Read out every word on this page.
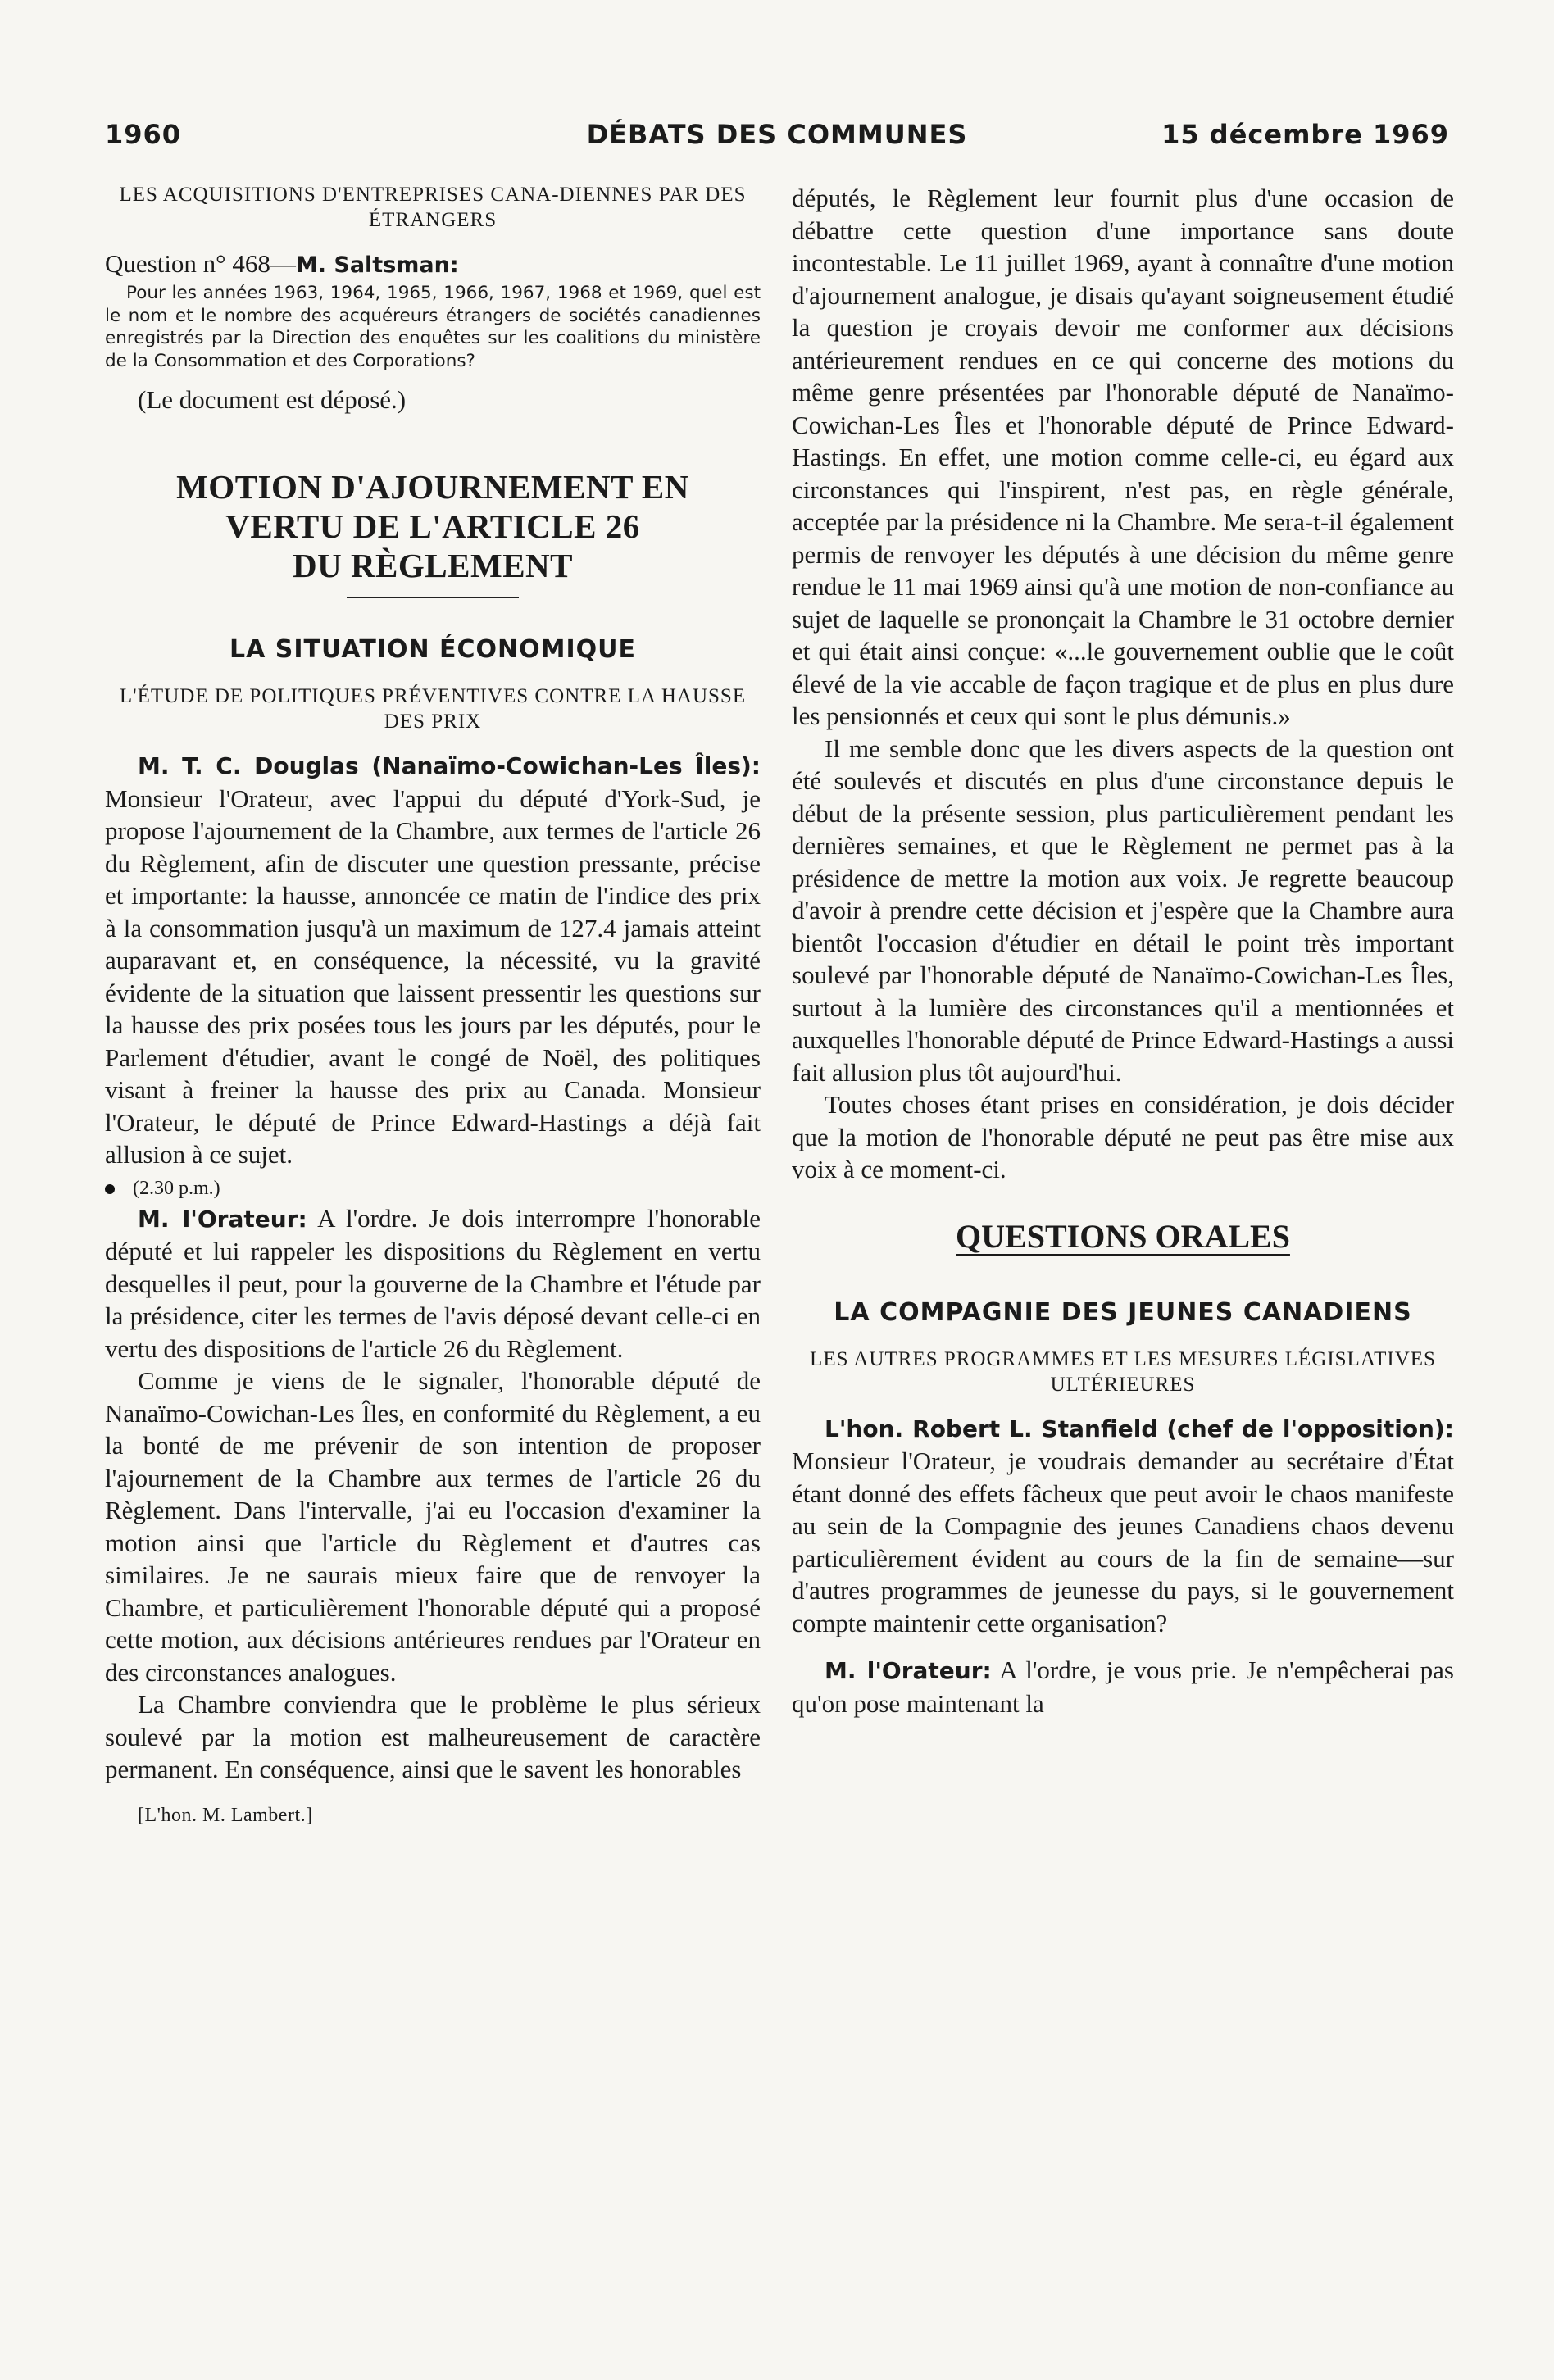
1960	DÉBATS DES COMMUNES	15 décembre 1969

LES ACQUISITIONS D'ENTREPRISES CANA-DIENNES PAR DES ÉTRANGERS

Question n° 468—M. Saltsman:

Pour les années 1963, 1964, 1965, 1966, 1967, 1968 et 1969, quel est le nom et le nombre des acquéreurs étrangers de sociétés canadiennes enregistrés par la Direction des enquêtes sur les coalitions du ministère de la Consommation et des Corporations?

(Le document est déposé.)

MOTION D'AJOURNEMENT EN
VERTU DE L'ARTICLE 26
DU RÈGLEMENT

LA SITUATION ÉCONOMIQUE

L'ÉTUDE DE POLITIQUES PRÉVENTIVES CONTRE LA HAUSSE DES PRIX

M. T. C. Douglas (Nanaïmo-Cowichan-Les Îles): Monsieur l'Orateur, avec l'appui du député d'York-Sud, je propose l'ajournement de la Chambre, aux termes de l'article 26 du Règlement, afin de discuter une question pressante, précise et importante: la hausse, annoncée ce matin de l'indice des prix à la consommation jusqu'à un maximum de 127.4 jamais atteint auparavant et, en conséquence, la nécessité, vu la gravité évidente de la situation que laissent pressentir les questions sur la hausse des prix posées tous les jours par les députés, pour le Parlement d'étudier, avant le congé de Noël, des politiques visant à freiner la hausse des prix au Canada. Monsieur l'Orateur, le député de Prince Edward-Hastings a déjà fait allusion à ce sujet.

(2.30 p.m.)

M. l'Orateur: A l'ordre. Je dois interrompre l'honorable député et lui rappeler les dispositions du Règlement en vertu desquelles il peut, pour la gouverne de la Chambre et l'étude par la présidence, citer les termes de l'avis déposé devant celle-ci en vertu des dispositions de l'article 26 du Règlement.

Comme je viens de le signaler, l'honorable député de Nanaïmo-Cowichan-Les Îles, en conformité du Règlement, a eu la bonté de me prévenir de son intention de proposer l'ajournement de la Chambre aux termes de l'article 26 du Règlement. Dans l'intervalle, j'ai eu l'occasion d'examiner la motion ainsi que l'article du Règlement et d'autres cas similaires. Je ne saurais mieux faire que de renvoyer la Chambre, et particulièrement l'honorable député qui a proposé cette motion, aux décisions antérieures rendues par l'Orateur en des circonstances analogues.

La Chambre conviendra que le problème le plus sérieux soulevé par la motion est malheureusement de caractère permanent. En conséquence, ainsi que le savent les honorables

[L'hon. M. Lambert.]

députés, le Règlement leur fournit plus d'une occasion de débattre cette question d'une importance sans doute incontestable. Le 11 juillet 1969, ayant à connaître d'une motion d'ajournement analogue, je disais qu'ayant soigneusement étudié la question je croyais devoir me conformer aux décisions antérieurement rendues en ce qui concerne des motions du même genre présentées par l'honorable député de Nanaïmo-Cowichan-Les Îles et l'honorable député de Prince Edward-Hastings. En effet, une motion comme celle-ci, eu égard aux circonstances qui l'inspirent, n'est pas, en règle générale, acceptée par la présidence ni la Chambre. Me sera-t-il également permis de renvoyer les députés à une décision du même genre rendue le 11 mai 1969 ainsi qu'à une motion de non-confiance au sujet de laquelle se prononçait la Chambre le 31 octobre dernier et qui était ainsi conçue: «...le gouvernement oublie que le coût élevé de la vie accable de façon tragique et de plus en plus dure les pensionnés et ceux qui sont le plus démunis.»

Il me semble donc que les divers aspects de la question ont été soulevés et discutés en plus d'une circonstance depuis le début de la présente session, plus particulièrement pendant les dernières semaines, et que le Règlement ne permet pas à la présidence de mettre la motion aux voix. Je regrette beaucoup d'avoir à prendre cette décision et j'espère que la Chambre aura bientôt l'occasion d'étudier en détail le point très important soulevé par l'honorable député de Nanaïmo-Cowichan-Les Îles, surtout à la lumière des circonstances qu'il a mentionnées et auxquelles l'honorable député de Prince Edward-Hastings a aussi fait allusion plus tôt aujourd'hui.

Toutes choses étant prises en considération, je dois décider que la motion de l'honorable député ne peut pas être mise aux voix à ce moment-ci.

QUESTIONS ORALES

LA COMPAGNIE DES JEUNES CANADIENS

LES AUTRES PROGRAMMES ET LES MESURES LÉGISLATIVES ULTÉRIEURES

L'hon. Robert L. Stanfield (chef de l'opposition): Monsieur l'Orateur, je voudrais demander au secrétaire d'État étant donné des effets fâcheux que peut avoir le chaos manifeste au sein de la Compagnie des jeunes Canadiens chaos devenu particulièrement évident au cours de la fin de semaine—sur d'autres programmes de jeunesse du pays, si le gouvernement compte maintenir cette organisation?

M. l'Orateur: A l'ordre, je vous prie. Je n'empêcherai pas qu'on pose maintenant la
